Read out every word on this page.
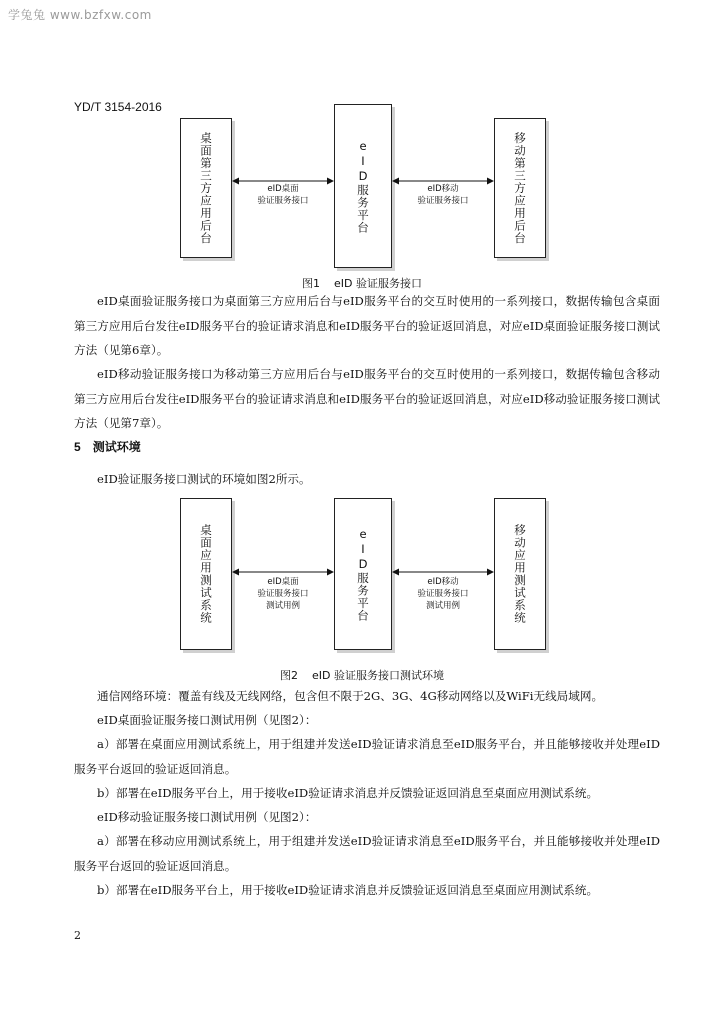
学兔兔 www.bzfxw.com
YD/T 3154-2016
桌面第三方应用后台	eID服务平台	移动第三方应用后台
eID桌面
验证服务接口
eID移动
验证服务接口
图1    eID 验证服务接口

eID桌面验证服务接口为桌面第三方应用后台与eID服务平台的交互时使用的一系列接口，数据传输包含桌面第三方应用后台发往eID服务平台的验证请求消息和eID服务平台的验证返回消息，对应eID桌面验证服务接口测试方法（见第6章）。

eID移动验证服务接口为移动第三方应用后台与eID服务平台的交互时使用的一系列接口，数据传输包含移动第三方应用后台发往eID服务平台的验证请求消息和eID服务平台的验证返回消息，对应eID移动验证服务接口测试方法（见第7章）。

5 测试环境

eID验证服务接口测试的环境如图2所示。

桌面应用测试系统	eID服务平台	移动应用测试系统
eID桌面
验证服务接口
测试用例
eID移动
验证服务接口
测试用例
图2    eID 验证服务接口测试环境

通信网络环境：覆盖有线及无线网络，包含但不限于2G、3G、4G移动网络以及WiFi无线局域网。

eID桌面验证服务接口测试用例（见图2）：

a）部署在桌面应用测试系统上，用于组建并发送eID验证请求消息至eID服务平台，并且能够接收并处理eID服务平台返回的验证返回消息。

b）部署在eID服务平台上，用于接收eID验证请求消息并反馈验证返回消息至桌面应用测试系统。

eID移动验证服务接口测试用例（见图2）：

a）部署在移动应用测试系统上，用于组建并发送eID验证请求消息至eID服务平台，并且能够接收并处理eID服务平台返回的验证返回消息。

b）部署在eID服务平台上，用于接收eID验证请求消息并反馈验证返回消息至桌面应用测试系统。

2
